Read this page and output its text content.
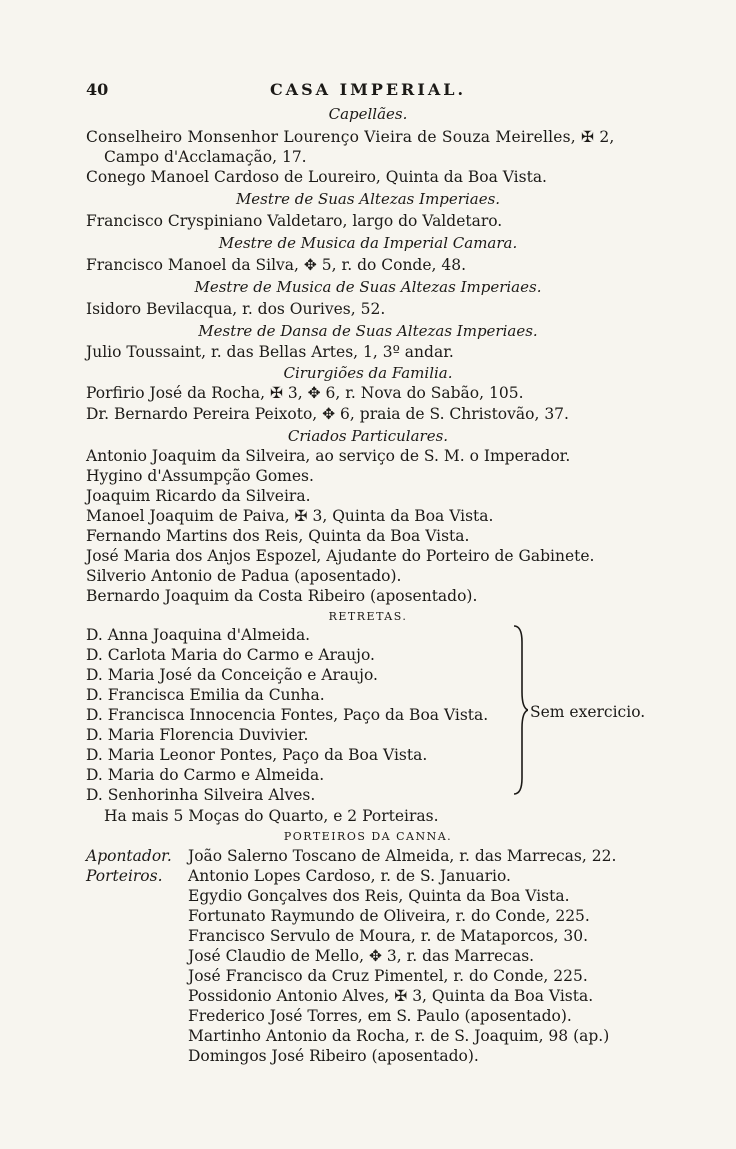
40	CASA IMPERIAL.
Capellães.
Conselheiro Monsenhor Lourenço Vieira de Souza Meirelles, ✠ 2,
Campo d'Acclamação, 17.
Conego Manoel Cardoso de Loureiro, Quinta da Boa Vista.
Mestre de Suas Altezas Imperiaes.
Francisco Cryspiniano Valdetaro, largo do Valdetaro.
Mestre de Musica da Imperial Camara.
Francisco Manoel da Silva, ✥ 5, r. do Conde, 48.
Mestre de Musica de Suas Altezas Imperiaes.
Isidoro Bevilacqua, r. dos Ourives, 52.
Mestre de Dansa de Suas Altezas Imperiaes.
Julio Toussaint, r. das Bellas Artes, 1, 3º andar.
Cirurgiões da Familia.
Porfirio José da Rocha, ✠ 3, ✥ 6, r. Nova do Sabão, 105.
Dr. Bernardo Pereira Peixoto, ✥ 6, praia de S. Christovão, 37.
Criados Particulares.
Antonio Joaquim da Silveira, ao serviço de S. M. o Imperador.
Hygino d'Assumpção Gomes.
Joaquim Ricardo da Silveira.
Manoel Joaquim de Paiva, ✠ 3, Quinta da Boa Vista.
Fernando Martins dos Reis, Quinta da Boa Vista.
José Maria dos Anjos Espozel, Ajudante do Porteiro de Gabinete.
Silverio Antonio de Padua (aposentado).
Bernardo Joaquim da Costa Ribeiro (aposentado).
RETRETAS.
D. Anna Joaquina d'Almeida.
D. Carlota Maria do Carmo e Araujo.
D. Maria José da Conceição e Araujo.
D. Francisca Emilia da Cunha.
D. Francisca Innocencia Fontes, Paço da Boa Vista.
D. Maria Florencia Duvivier.
D. Maria Leonor Pontes, Paço da Boa Vista.
D. Maria do Carmo e Almeida.
D. Senhorinha Silveira Alves.
Sem exercicio.
Ha mais 5 Moças do Quarto, e 2 Porteiras.
PORTEIROS DA CANNA.
Apontador. João Salerno Toscano de Almeida, r. das Marrecas, 22.
Porteiros. Antonio Lopes Cardoso, r. de S. Januario.
Egydio Gonçalves dos Reis, Quinta da Boa Vista.
Fortunato Raymundo de Oliveira, r. do Conde, 225.
Francisco Servulo de Moura, r. de Mataporcos, 30.
José Claudio de Mello, ✥ 3, r. das Marrecas.
José Francisco da Cruz Pimentel, r. do Conde, 225.
Possidonio Antonio Alves, ✠ 3, Quinta da Boa Vista.
Frederico José Torres, em S. Paulo (aposentado).
Martinho Antonio da Rocha, r. de S. Joaquim, 98 (ap.)
Domingos José Ribeiro (aposentado).
